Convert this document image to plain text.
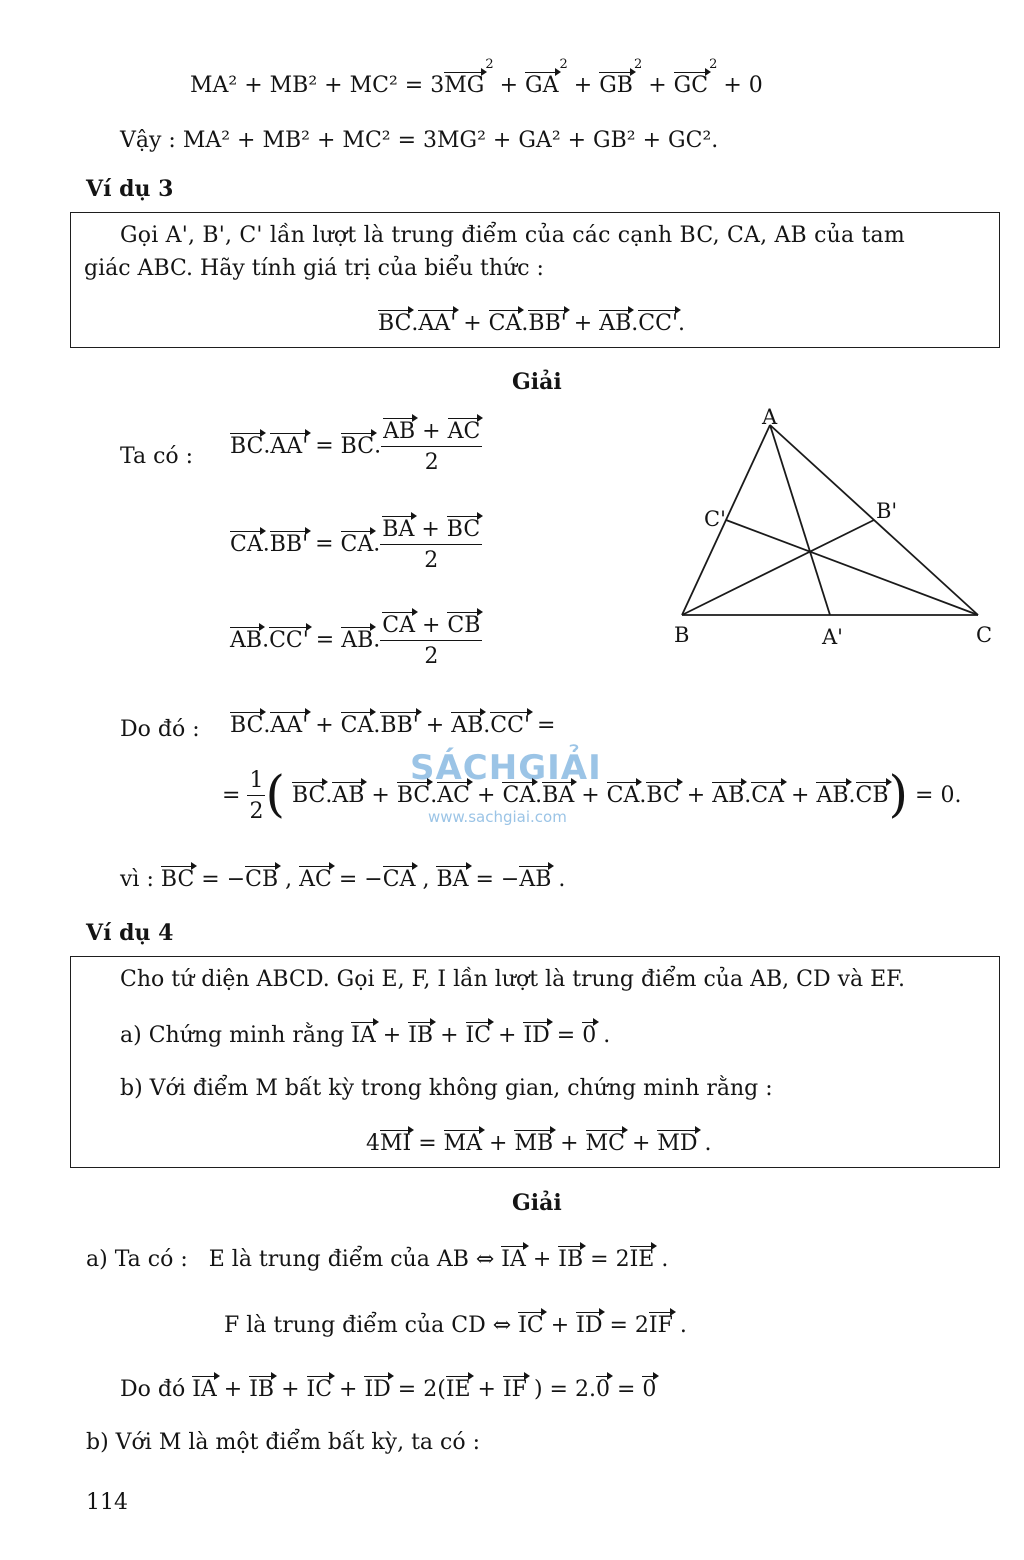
$MA^2 + MB^2 + MC^2 = 3MG^2 + GA^2 + GB^2 + GC^2 + 0$
Vậy : MA² + MB² + MC² = 3MG² + GA² + GB² + GC².
Ví dụ 3
Gọi A', B', C' lần lượt là trung điểm của các cạnh BC, CA, AB của tam
giác ABC. Hãy tính giá trị của biểu thức :
BC.AA' + CA.BB' + AB.CC'.
Giải
Ta có : BC.AA' = BC. $\frac{AB + AC}{2}$
CA.BB' = CA. $\frac{BA + BC}{2}$
AB.CC' = AB. $\frac{CA + CB}{2}$
A
B	C
A'
B'
C'
Do đó : BC.AA' + CA.BB' + AB.CC' =
SÁCHGIẢI
www.sachgiai.com
= $\frac{1}{2}$ ( BC.AB + BC.AC + CA.BA + CA.BC + AB.CA + AB.CB) = 0.
vì : BC = −CB , AC = −CA , BA = −AB .
Ví dụ 4
Cho tứ diện ABCD. Gọi E, F, I lần lượt là trung điểm của AB, CD và EF.
a) Chứng minh rằng IA + IB + IC + ID = 0 .
b) Với điểm M bất kỳ trong không gian, chứng minh rằng :
4MI = MA + MB + MC + MD .
Giải
a) Ta có : E là trung điểm của AB ⇔ IA + IB = 2IE .
F là trung điểm của CD ⇔ IC + ID = 2IF .
Do đó IA + IB + IC + ID = 2(IE + IF ) = 2.0 = 0
b) Với M là một điểm bất kỳ, ta có :
114
